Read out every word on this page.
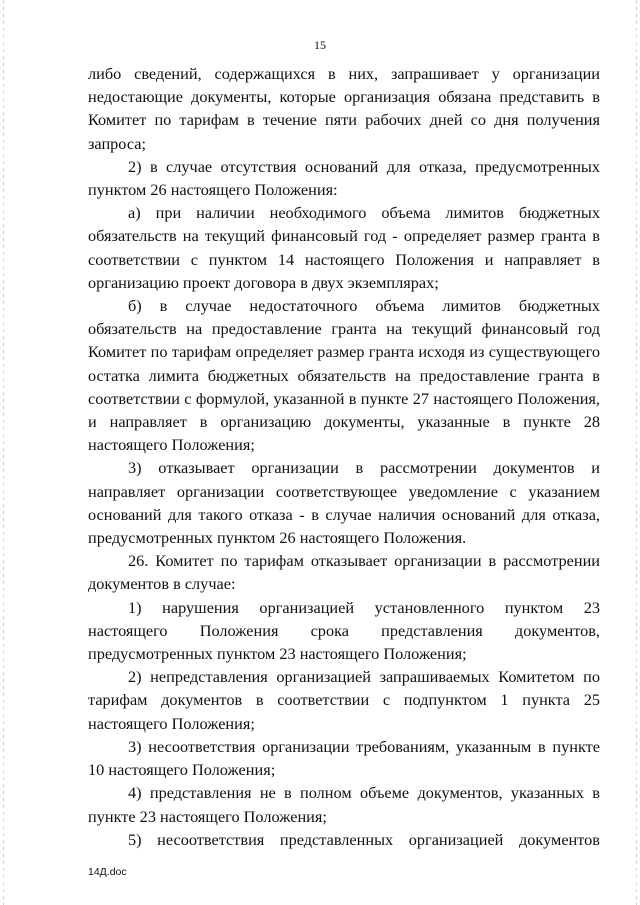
15

либо сведений, содержащихся в них, запрашивает у организации недостающие документы, которые организация обязана представить в Комитет по тарифам в течение пяти рабочих дней со дня получения запроса;

2) в случае отсутствия оснований для отказа, предусмотренных пунктом 26 настоящего Положения:

а) при наличии необходимого объема лимитов бюджетных обязательств на текущий финансовый год - определяет размер гранта в соответствии с пунктом 14 настоящего Положения и направляет в организацию проект договора в двух экземплярах;

б) в случае недостаточного объема лимитов бюджетных обязательств на предоставление гранта на текущий финансовый год Комитет по тарифам определяет размер гранта исходя из существующего остатка лимита бюджетных обязательств на предоставление гранта в соответствии с формулой, указанной в пункте 27 настоящего Положения, и направляет в организацию документы, указанные в пункте 28 настоящего Положения;

3) отказывает организации в рассмотрении документов и направляет организации соответствующее уведомление с указанием оснований для такого отказа - в случае наличия оснований для отказа, предусмотренных пунктом 26 настоящего Положения.

26. Комитет по тарифам отказывает организации в рассмотрении документов в случае:

1) нарушения организацией установленного пунктом 23 настоящего Положения срока представления документов, предусмотренных пунктом 23 настоящего Положения;

2) непредставления организацией запрашиваемых Комитетом по тарифам документов в соответствии с подпунктом 1 пункта 25 настоящего Положения;

3) несоответствия организации требованиям, указанным в пункте 10 настоящего Положения;

4) представления не в полном объеме документов, указанных в пункте 23 настоящего Положения;

5) несоответствия представленных организацией документов

14Д.doc
